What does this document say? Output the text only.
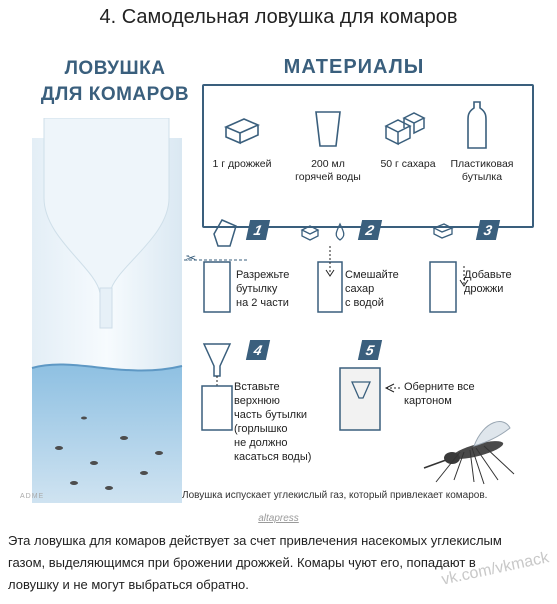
4. Самодельная ловушка для комаров
ЛОВУШКА
ДЛЯ КОМАРОВ
МАТЕРИАЛЫ
1 г дрожжей	200 мл
горячей воды
50 г сахара	Пластиковая
бутылка
✂
1
Разрежьте
бутылку
на 2 части
2
Смешайте
сахар
с водой
3
Добавьте
дрожжи
4
Вставьте
верхнюю
часть бутылки
(горлышко
не должно
касаться воды)
5
Оберните все
картоном
Ловушка испускает углекислый газ, который привлекает комаров.
ADME
altapress
Эта ловушка для комаров действует за счет привлечения насекомых углекислым газом, выделяющимся при брожении дрожжей. Комары чуют его, попадают в ловушку и не могут выбраться обратно.	vk.com/vkmack
